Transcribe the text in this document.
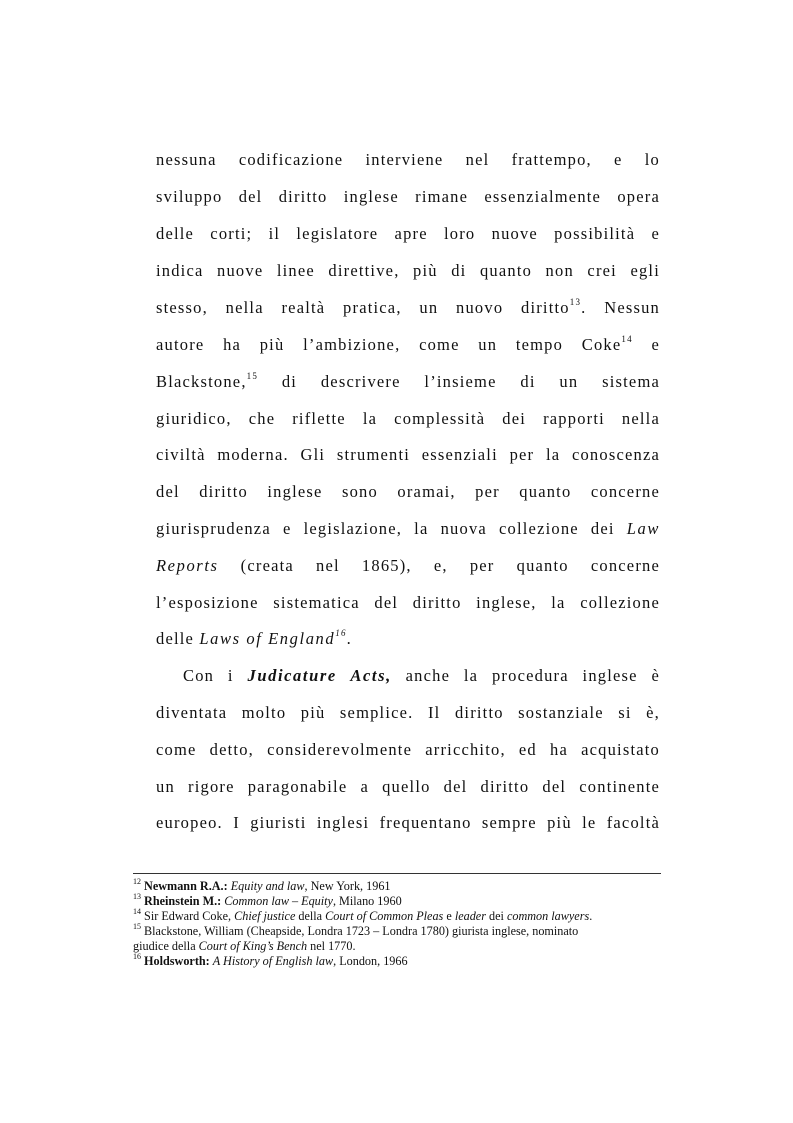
nessuna codificazione interviene nel frattempo, e lo
sviluppo del diritto inglese rimane essenzialmente opera
delle corti; il legislatore apre loro nuove possibilità e
indica nuove linee direttive, più di quanto non crei egli
stesso, nella realtà pratica, un nuovo diritto$^{13}$. Nessun
autore ha più l’ambizione, come un tempo Coke$^{14}$ e
Blackstone,$^{15}$ di descrivere l’insieme di un sistema
giuridico, che riflette la complessità dei rapporti nella
civiltà moderna. Gli strumenti essenziali per la conoscenza
del diritto inglese sono oramai, per quanto concerne
giurisprudenza e legislazione, la nuova collezione dei Law
Reports (creata nel 1865), e, per quanto concerne
l’esposizione sistematica del diritto inglese, la collezione
delle Laws of England$^{16}$.
Con i Judicature Acts, anche la procedura inglese è
diventata molto più semplice. Il diritto sostanziale si è,
come detto, considerevolmente arricchito, ed ha acquistato
un rigore paragonabile a quello del diritto del continente
europeo. I giuristi inglesi frequentano sempre più le facoltà
$^{12}$ Newmann R.A.: Equity and law, New York, 1961
$^{13}$ Rheinstein M.: Common law – Equity, Milano 1960
$^{14}$ Sir Edward Coke, Chief justice della Court of Common Pleas e leader dei common lawyers.
$^{15}$ Blackstone, William (Cheapside, Londra 1723 – Londra 1780) giurista inglese, nominato
giudice della Court of King’s Bench nel 1770.
$^{16}$ Holdsworth: A History of English law, London, 1966
